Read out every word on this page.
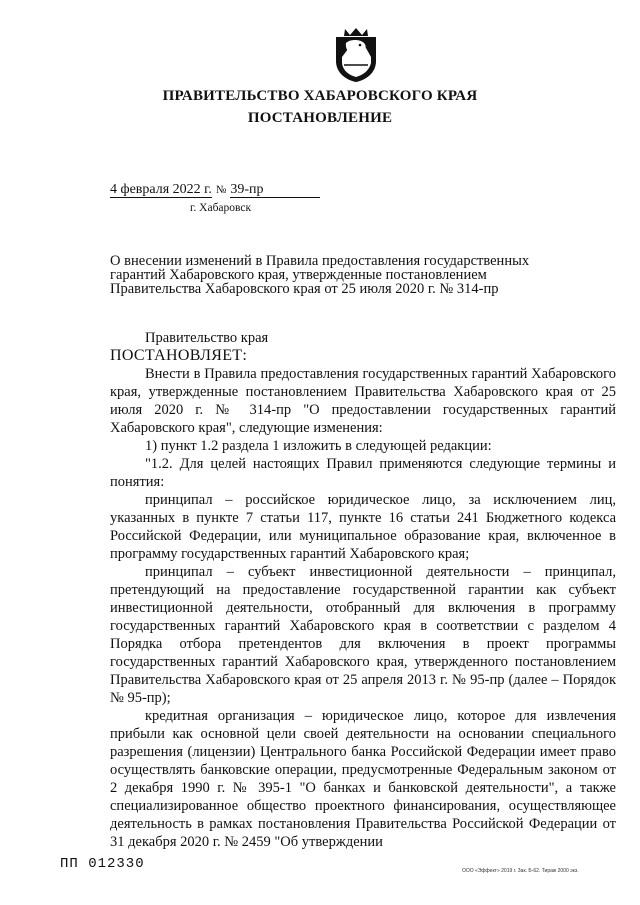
ПРАВИТЕЛЬСТВО ХАБАРОВСКОГО КРАЯ
ПОСТАНОВЛЕНИЕ
4 февраля 2022 г. № 39-пр
г. Хабаровск
О внесении изменений в Правила предоставления государственных гарантий Хабаровского края, утвержденные постановлением Правительства Хабаровского края от 25 июля 2020 г. № 314-пр

Правительство края

ПОСТАНОВЛЯЕТ:

Внести в Правила предоставления государственных гарантий Хабаровского края, утвержденные постановлением Правительства Хабаровского края от 25 июля 2020 г. № 314-пр "О предоставлении государственных гарантий Хабаровского края", следующие изменения:

1) пункт 1.2 раздела 1 изложить в следующей редакции:

"1.2. Для целей настоящих Правил применяются следующие термины и понятия:

принципал – российское юридическое лицо, за исключением лиц, указанных в пункте 7 статьи 117, пункте 16 статьи 241 Бюджетного кодекса Российской Федерации, или муниципальное образование края, включенное в программу государственных гарантий Хабаровского края;

принципал – субъект инвестиционной деятельности – принципал, претендующий на предоставление государственной гарантии как субъект инвестиционной деятельности, отобранный для включения в программу государственных гарантий Хабаровского края в соответствии с разделом 4 Порядка отбора претендентов для включения в проект программы государственных гарантий Хабаровского края, утвержденного постановлением Правительства Хабаровского края от 25 апреля 2013 г. № 95-пр (далее – Порядок № 95-пр);

кредитная организация – юридическое лицо, которое для извлечения прибыли как основной цели своей деятельности на основании специального разрешения (лицензии) Центрального банка Российской Федерации имеет право осуществлять банковские операции, предусмотренные Федеральным законом от 2 декабря 1990 г. № 395-1 "О банках и банковской деятельности", а также специализированное общество проектного финансирования, осуществляющее деятельность в рамках постановления Правительства Российской Федерации от 31 декабря 2020 г. № 2459 "Об утверждении

ПП 012330	ООО «Эффект» 2019 г. Зак. Б-62. Тираж 2000 экз.
